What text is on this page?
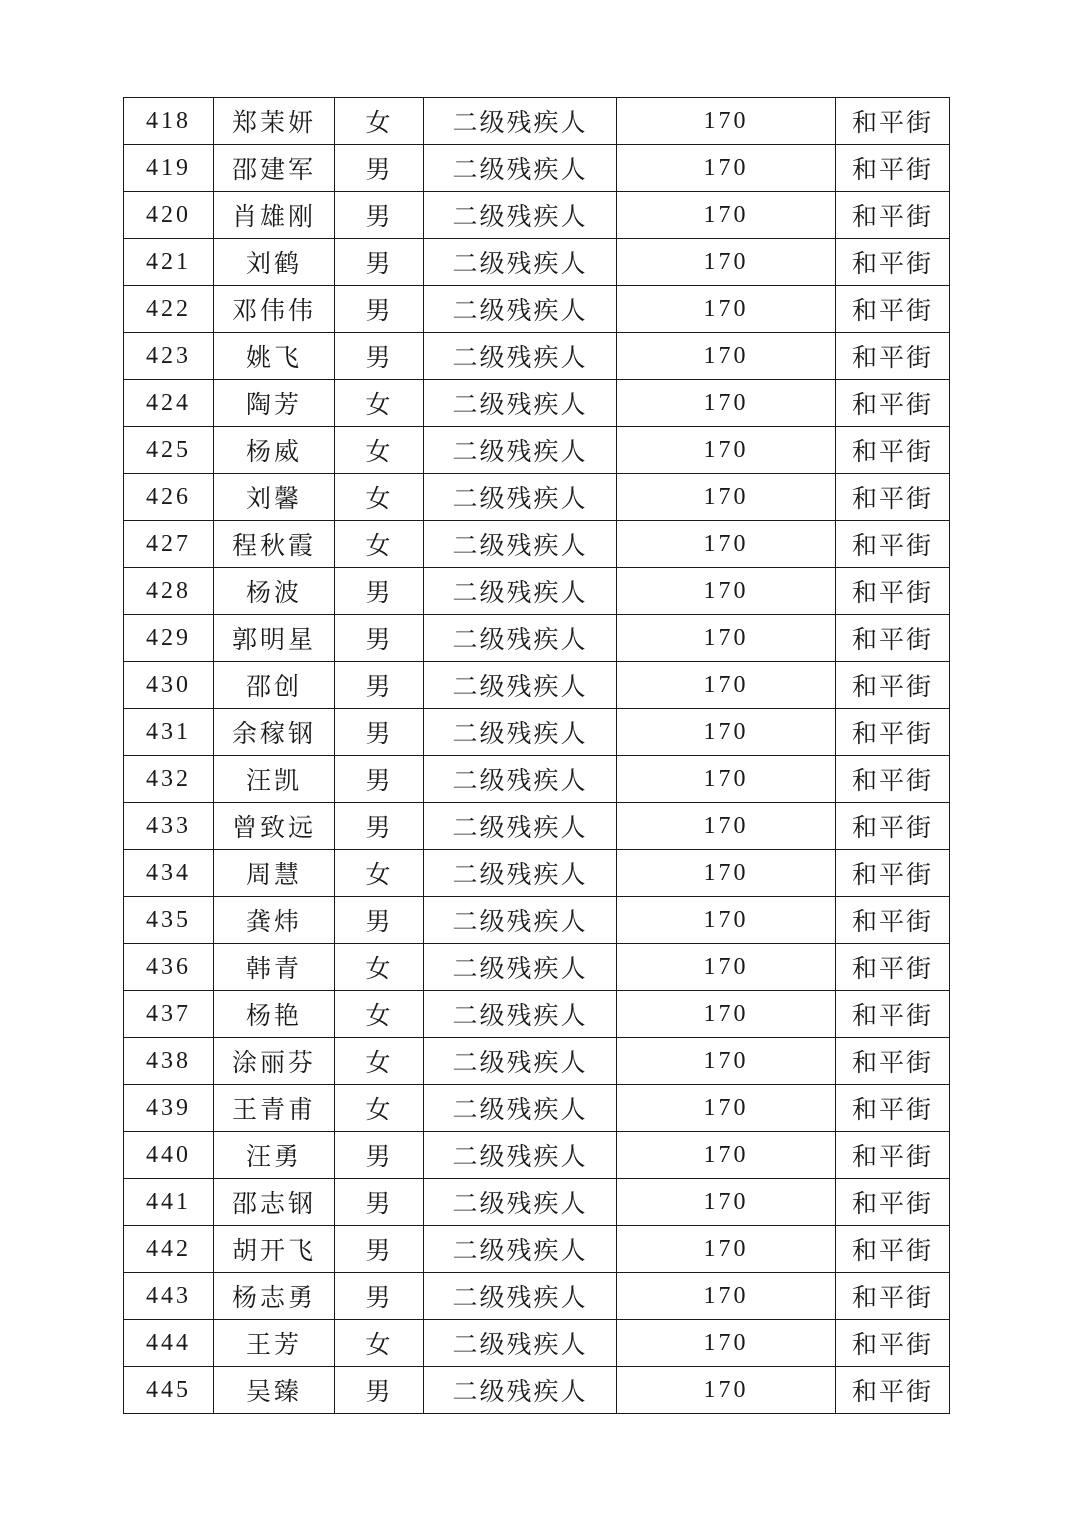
418	郑茉妍	女	二级残疾人	170	和平街
419	邵建军	男	二级残疾人	170	和平街
420	肖雄刚	男	二级残疾人	170	和平街
421	刘鹤	男	二级残疾人	170	和平街
422	邓伟伟	男	二级残疾人	170	和平街
423	姚飞	男	二级残疾人	170	和平街
424	陶芳	女	二级残疾人	170	和平街
425	杨威	女	二级残疾人	170	和平街
426	刘馨	女	二级残疾人	170	和平街
427	程秋霞	女	二级残疾人	170	和平街
428	杨波	男	二级残疾人	170	和平街
429	郭明星	男	二级残疾人	170	和平街
430	邵创	男	二级残疾人	170	和平街
431	余稼钢	男	二级残疾人	170	和平街
432	汪凯	男	二级残疾人	170	和平街
433	曾致远	男	二级残疾人	170	和平街
434	周慧	女	二级残疾人	170	和平街
435	龚炜	男	二级残疾人	170	和平街
436	韩青	女	二级残疾人	170	和平街
437	杨艳	女	二级残疾人	170	和平街
438	涂丽芬	女	二级残疾人	170	和平街
439	王青甫	女	二级残疾人	170	和平街
440	汪勇	男	二级残疾人	170	和平街
441	邵志钢	男	二级残疾人	170	和平街
442	胡开飞	男	二级残疾人	170	和平街
443	杨志勇	男	二级残疾人	170	和平街
444	王芳	女	二级残疾人	170	和平街
445	吴臻	男	二级残疾人	170	和平街
